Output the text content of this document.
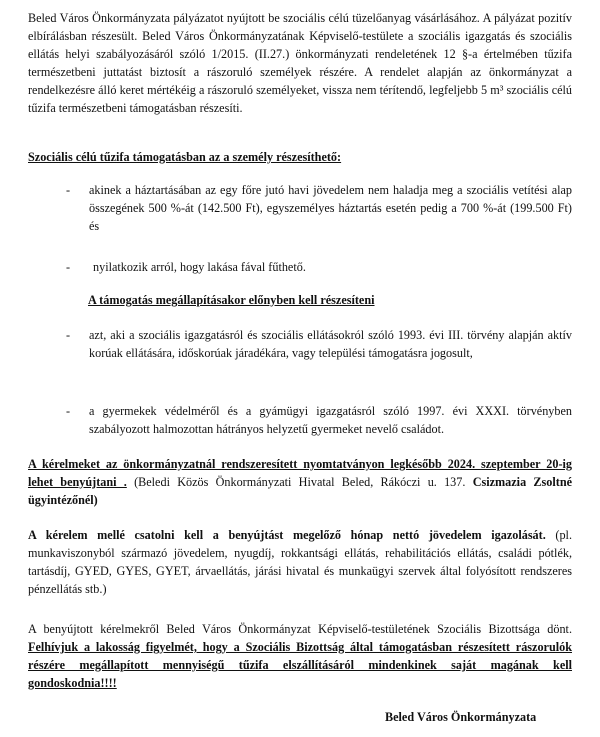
Beled Város Önkormányzata pályázatot nyújtott be szociális célú tüzelőanyag vásárlásához. A pályázat pozitív elbírálásban részesült. Beled Város Önkormányzatának Képviselő-testülete a szociális igazgatás és szociális ellátás helyi szabályozásáról szóló 1/2015. (II.27.) önkormányzati rendeletének 12 §-a értelmében tűzifa természetbeni juttatást biztosít a rászoruló személyek részére. A rendelet alapján az önkormányzat a rendelkezésre álló keret mértékéig a rászoruló személyeket, vissza nem térítendő, legfeljebb 5 m³ szociális célú tűzifa természetbeni támogatásban részesíti.

Szociális célú tűzifa támogatásban az a személy részesíthető:
- akinek a háztartásában az egy főre jutó havi jövedelem nem haladja meg a szociális vetítési alap összegének 500 %-át (142.500 Ft), egyszemélyes háztartás esetén pedig a 700 %-át (199.500 Ft) és
- nyilatkozik arról, hogy lakása fával fűthető.
A támogatás megállapításakor előnyben kell részesíteni
- azt, aki a szociális igazgatásról és szociális ellátásokról szóló 1993. évi III. törvény alapján aktív korúak ellátására, időskorúak járadékára, vagy települési támogatásra jogosult,
- a gyermekek védelméről és a gyámügyi igazgatásról szóló 1997. évi XXXI. törvényben szabályozott halmozottan hátrányos helyzetű gyermeket nevelő családot.

A kérelmeket az önkormányzatnál rendszeresített nyomtatványon legkésőbb 2024. szeptember 20-ig lehet benyújtani . (Beledi Közös Önkormányzati Hivatal Beled, Rákóczi u. 137. Csizmazia Zsoltné ügyintézőnél)

A kérelem mellé csatolni kell a benyújtást megelőző hónap nettó jövedelem igazolását. (pl. munkaviszonyból származó jövedelem, nyugdíj, rokkantsági ellátás, rehabilitációs ellátás, családi pótlék, tartásdíj, GYED, GYES, GYET, árvaellátás, járási hivatal és munkaügyi szervek által folyósított rendszeres pénzellátás stb.)

A benyújtott kérelmekről Beled Város Önkormányzat Képviselő-testületének Szociális Bizottsága dönt. Felhívjuk a lakosság figyelmét, hogy a Szociális Bizottság által támogatásban részesített rászorulók részére megállapított mennyiségű tűzifa elszállításáról mindenkinek saját magának kell gondoskodnia!!!!

Beled Város Önkormányzata
